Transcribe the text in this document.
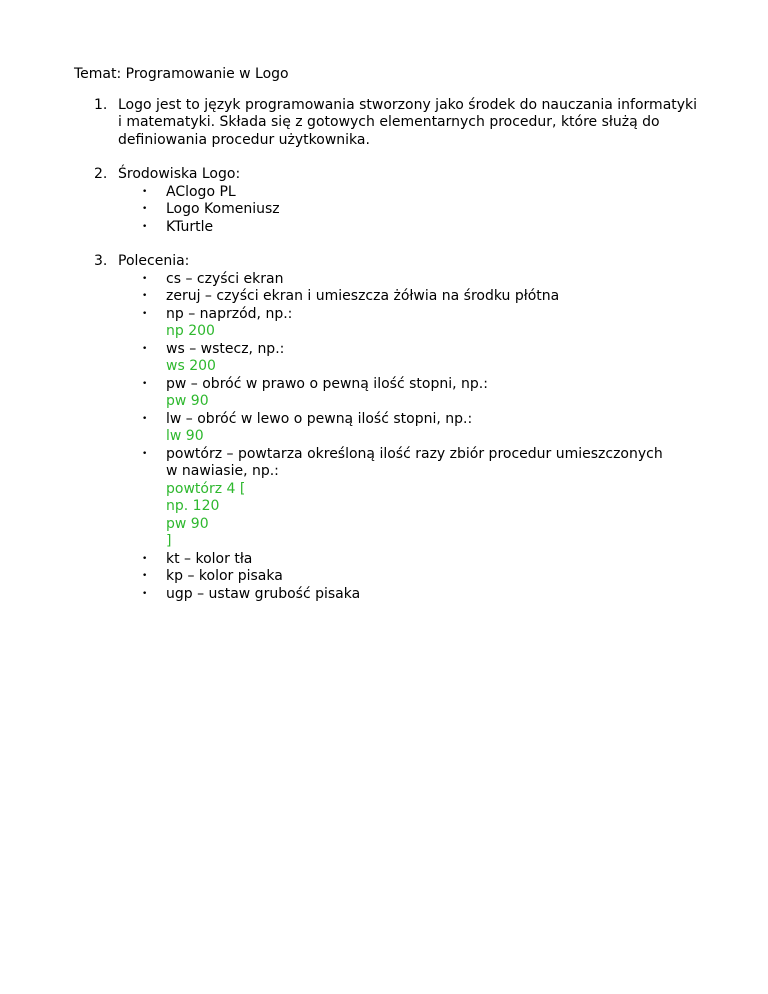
Temat: Programowanie w Logo
1. Logo jest to język programowania stworzony jako środek do nauczania informatyki
i matematyki. Składa się z gotowych elementarnych procedur, które służą do
definiowania procedur użytkownika.
2. Środowiska Logo:
• AClogo PL
• Logo Komeniusz
• KTurtle
3. Polecenia:
• cs – czyści ekran
• zeruj – czyści ekran i umieszcza żółwia na środku płótna
• np – naprzód, np.:
np 200
• ws – wstecz, np.:
ws 200
• pw – obróć w prawo o pewną ilość stopni, np.:
pw 90
• lw – obróć w lewo o pewną ilość stopni, np.:
lw 90
• powtórz – powtarza określoną ilość razy zbiór procedur umieszczonych
w nawiasie, np.:
powtórz 4 [
np. 120
pw 90
]
• kt – kolor tła
• kp – kolor pisaka
• ugp – ustaw grubość pisaka
